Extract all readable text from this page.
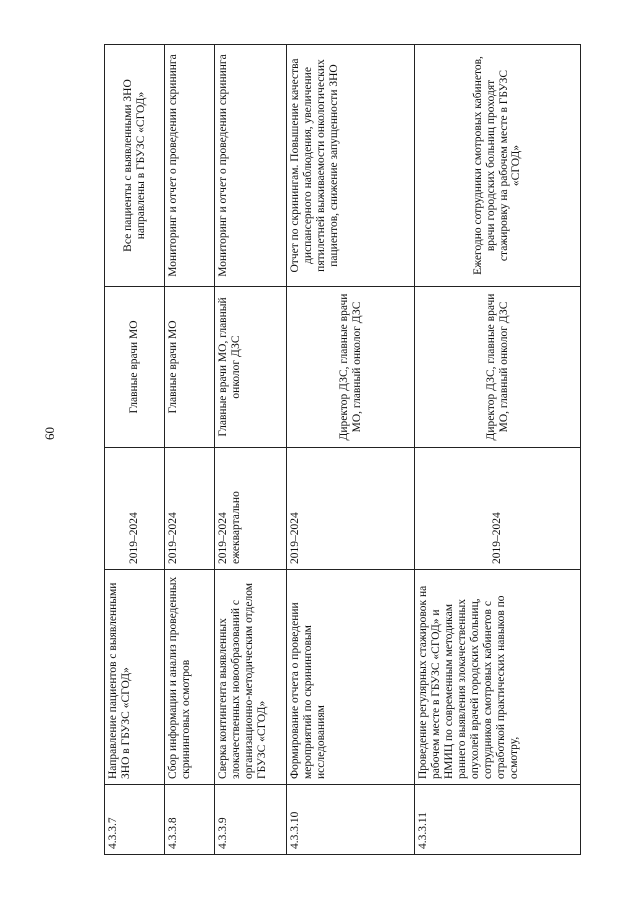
60
4.3.3.7	Направление пациентов с выявленными ЗНО в ГБУЗС «СГОД»	2019–2024	Главные врачи МО	Все пациенты с выявленными ЗНО направлены в ГБУЗС «СГОД»
4.3.3.8	Сбор информации и анализ проведенных скрининговых осмотров	2019–2024	Главные врачи МО	Мониторинг и отчет о проведении скрининга
4.3.3.9	Сверка контингента выявленных злокачественных новообразований с организационно-методическим отделом ГБУЗС «СГОД»	2019–2024 ежеквартально	Главные врачи МО, главный онколог ДЗС	Мониторинг и отчет о проведении скрининга
4.3.3.10	Формирование отчета о проведении мероприятий по скрининговым исследованиям	2019–2024	Директор ДЗС, главные врачи МО, главный онколог ДЗС	Отчет по скринингам. Повышение качества диспансерного наблюдения, увеличение пятилетней выживаемости онкологических пациентов, снижение запущенности ЗНО
4.3.3.11	Проведение регулярных стажировок на рабочем месте в ГБУЗС «СГОД» и НМИЦ по современным методикам раннего выявления злокачественных опухолей врачей городских больниц, сотрудников смотровых кабинетов с отработкой практических навыков по осмотру,	2019–2024	Директор ДЗС, главные врачи МО, главный онколог ДЗС	Ежегодно сотрудники смотровых кабинетов, врачи городских больниц проходят стажировку на рабочем месте в ГБУЗС «СГОД»
